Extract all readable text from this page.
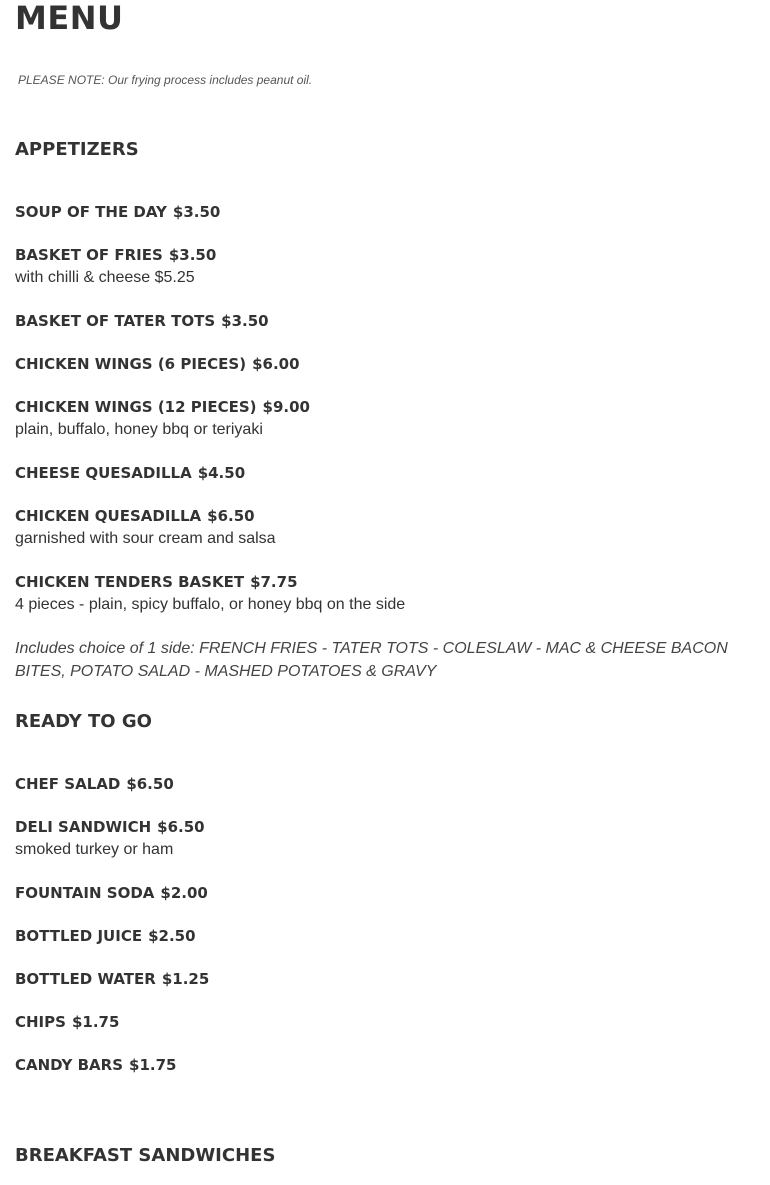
MENU

PLEASE NOTE: Our frying process includes peanut oil.

APPETIZERS
SOUP OF THE DAY $3.50
BASKET OF FRIES $3.50
with chilli & cheese $5.25
BASKET OF TATER TOTS $3.50
CHICKEN WINGS (6 PIECES) $6.00
CHICKEN WINGS (12 PIECES) $9.00
plain, buffalo, honey bbq or teriyaki
CHEESE QUESADILLA $4.50
CHICKEN QUESADILLA $6.50
garnished with sour cream and salsa
CHICKEN TENDERS BASKET $7.75
4 pieces - plain, spicy buffalo, or honey bbq on the side

Includes choice of 1 side: FRENCH FRIES - TATER TOTS - COLESLAW - MAC & CHEESE BACON BITES, POTATO SALAD - MASHED POTATOES & GRAVY

READY TO GO
CHEF SALAD $6.50
DELI SANDWICH $6.50
smoked turkey or ham
FOUNTAIN SODA $2.00
BOTTLED JUICE $2.50
BOTTLED WATER $1.25
CHIPS $1.75
CANDY BARS $1.75
BREAKFAST SANDWICHES
